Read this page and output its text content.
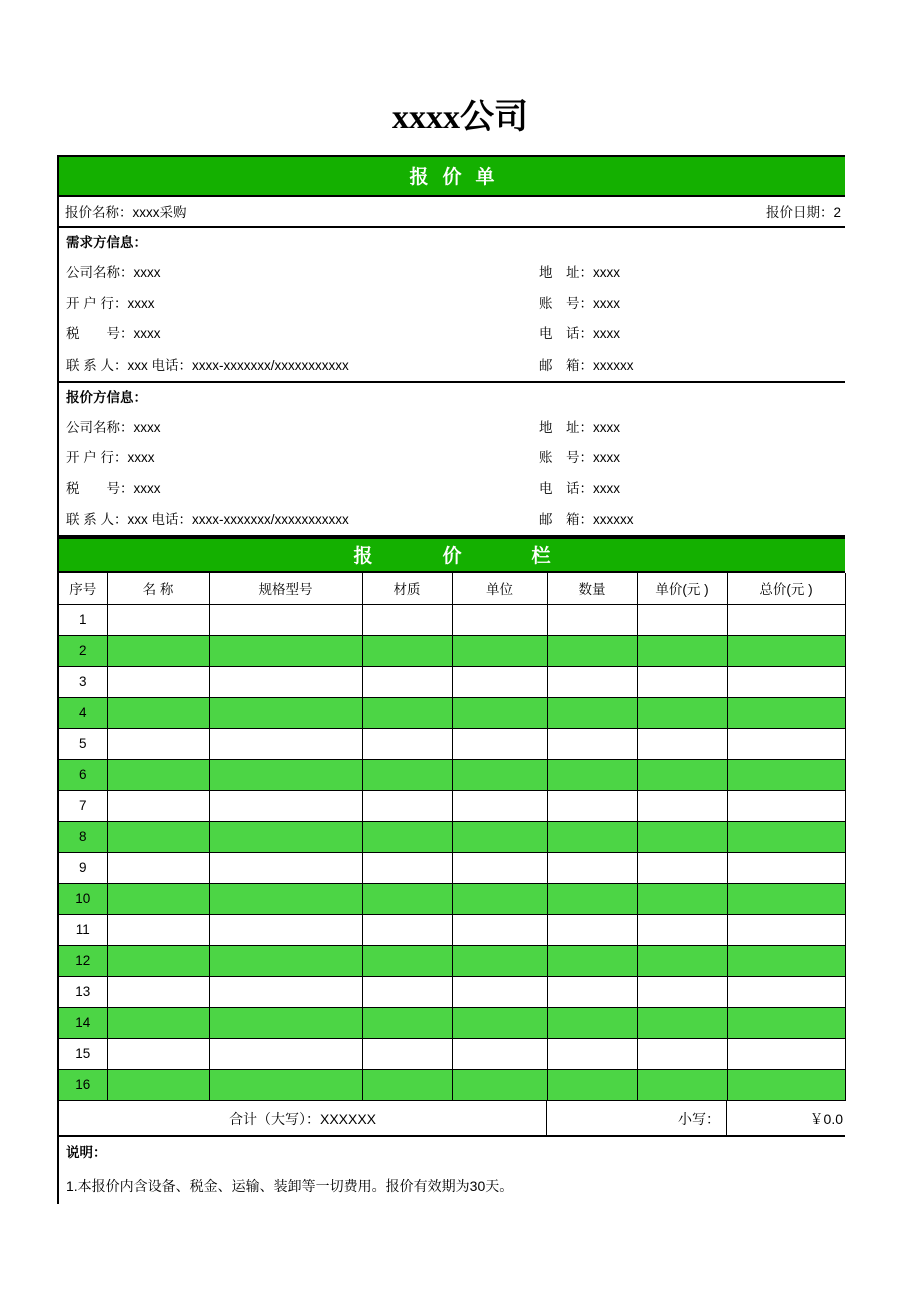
xxxx公司
报价单
报价名称：xxxx采购	报价日期：2
需求方信息：
公司名称：xxxx	地　址：xxxx
开 户 行：xxxx	账　号：xxxx
税　　号：xxxx	电　话：xxxx
联 系 人：xxx 电话：xxxx-xxxxxxx/xxxxxxxxxxx	邮　箱：xxxxxx
报价方信息：
公司名称：xxxx	地　址：xxxx
开 户 行：xxxx	账　号：xxxx
税　　号：xxxx	电　话：xxxx
联 系 人：xxx 电话：xxxx-xxxxxxx/xxxxxxxxxxx	邮　箱：xxxxxx
报价栏
序号	名 称	规格型号	材质	单位	数量	单价(元 )	总价(元 )
1							
2							
3							
4							
5							
6							
7							
8							
9							
10							
11							
12							
13							
14							
15							
16							
合计（大写）：XXXXXX	小写：	￥0.0
说明：
1.本报价内含设备、税金、运输、装卸等一切费用。报价有效期为30天。
